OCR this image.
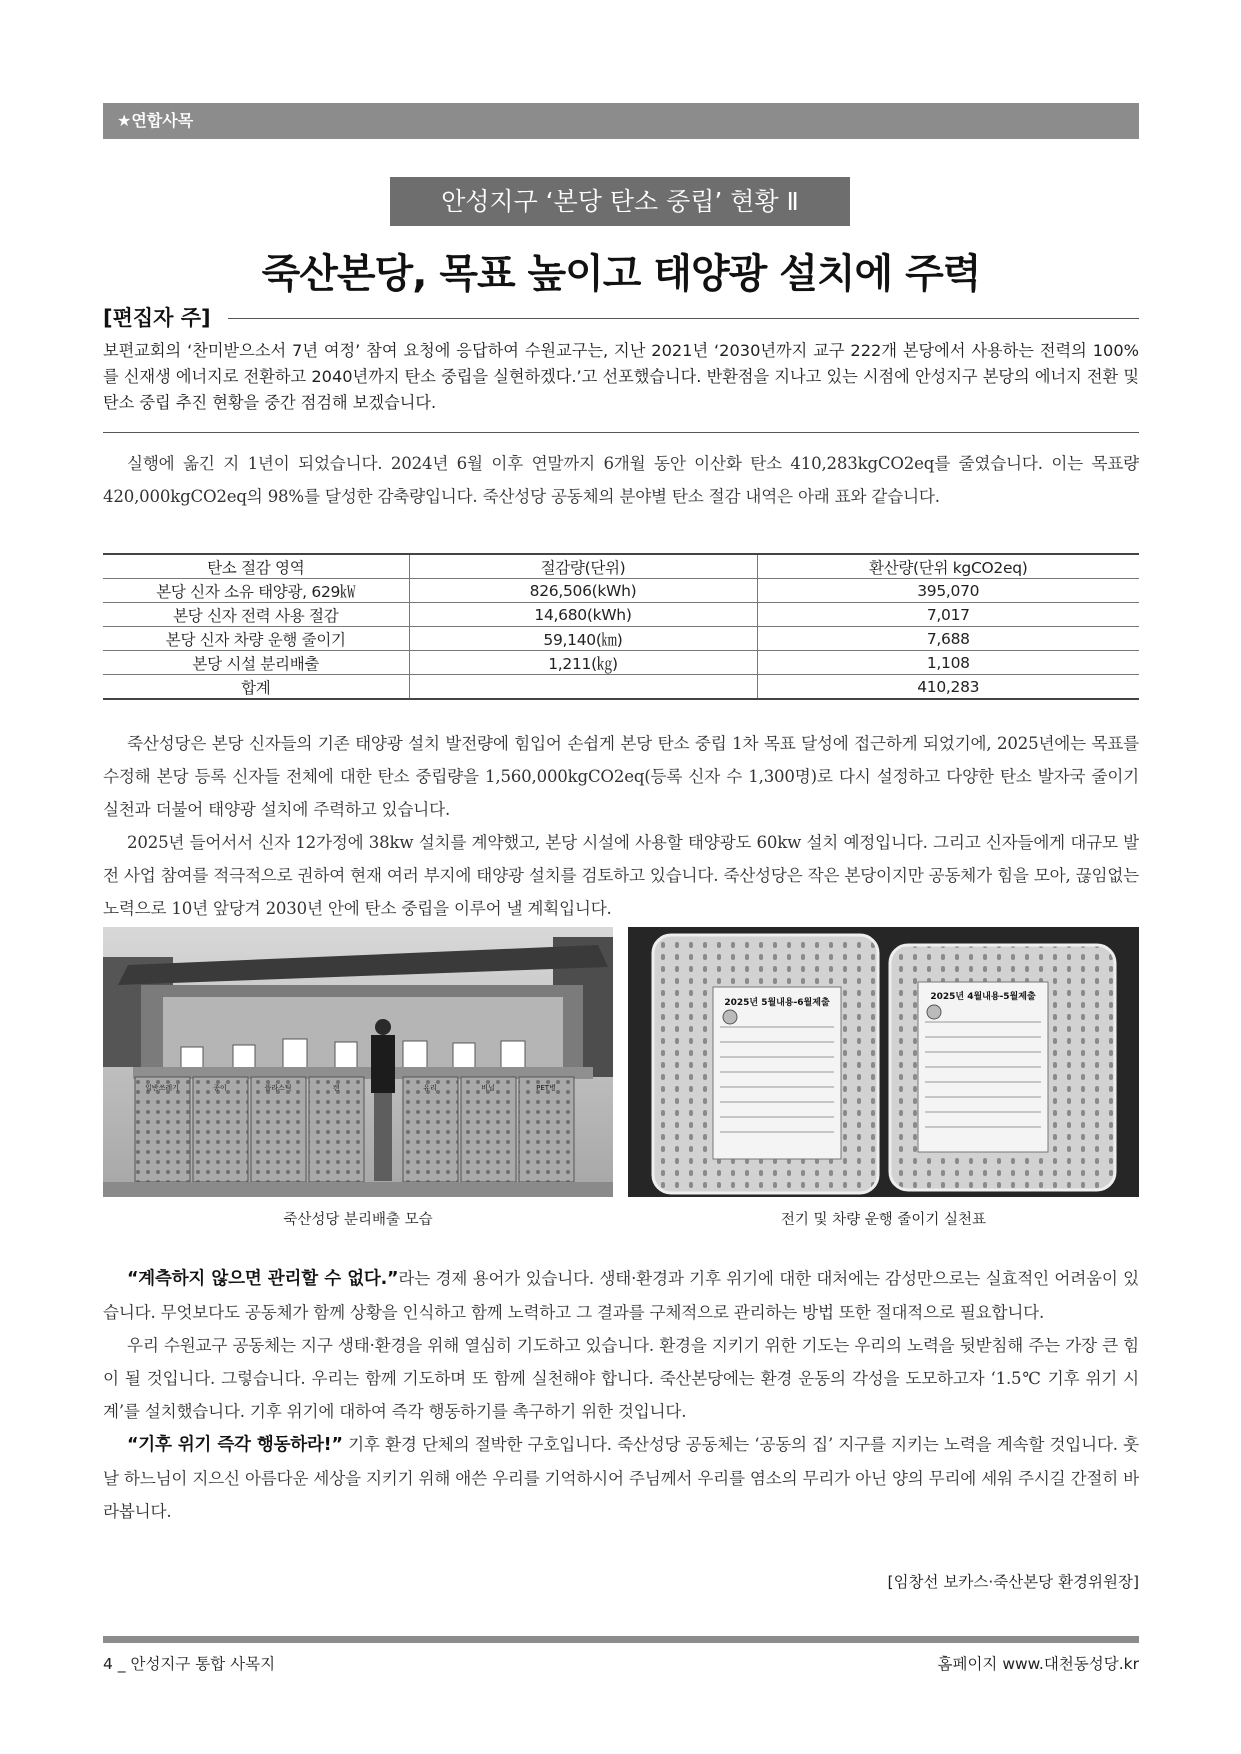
★연합사목
안성지구 ‘본당 탄소 중립’ 현황 Ⅱ
죽산본당, 목표 높이고 태양광 설치에 주력
[편집자 주]
보편교회의 ‘찬미받으소서 7년 여정’ 참여 요청에 응답하여 수원교구는, 지난 2021년 ‘2030년까지 교구 222개 본당에서 사용하는 전력의 100%를 신재생 에너지로 전환하고 2040년까지 탄소 중립을 실현하겠다.’고 선포했습니다. 반환점을 지나고 있는 시점에 안성지구 본당의 에너지 전환 및 탄소 중립 추진 현황을 중간 점검해 보겠습니다.
실행에 옮긴 지 1년이 되었습니다. 2024년 6월 이후 연말까지 6개월 동안 이산화 탄소 410,283kgCO2eq를 줄였습니다. 이는 목표량 420,000kgCO2eq의 98%를 달성한 감축량입니다. 죽산성당 공동체의 분야별 탄소 절감 내역은 아래 표와 같습니다.
탄소 절감 영역	절감량(단위)	환산량(단위 kgCO2eq)
본당 신자 소유 태양광, 629㎾	826,506(kWh)	395,070
본당 신자 전력 사용 절감	14,680(kWh)	7,017
본당 신자 차량 운행 줄이기	59,140(㎞)	7,688
본당 시설 분리배출	1,211(㎏)	1,108
합계		410,283
죽산성당은 본당 신자들의 기존 태양광 설치 발전량에 힘입어 손쉽게 본당 탄소 중립 1차 목표 달성에 접근하게 되었기에, 2025년에는 목표를 수정해 본당 등록 신자들 전체에 대한 탄소 중립량을 1,560,000kgCO2eq(등록 신자 수 1,300명)로 다시 설정하고 다양한 탄소 발자국 줄이기 실천과 더불어 태양광 설치에 주력하고 있습니다.
2025년 들어서서 신자 12가정에 38kw 설치를 계약했고, 본당 시설에 사용할 태양광도 60kw 설치 예정입니다. 그리고 신자들에게 대규모 발전 사업 참여를 적극적으로 권하여 현재 여러 부지에 태양광 설치를 검토하고 있습니다. 죽산성당은 작은 본당이지만 공동체가 힘을 모아, 끊임없는 노력으로 10년 앞당겨 2030년 안에 탄소 중립을 이루어 낼 계획입니다.
일반쓰레기	종이	플라스틱	캔	유리	비닐	PET병
2025년 5월내용-6월제출
2025년 4월내용-5월제출
죽산성당 분리배출 모습	전기 및 차량 운행 줄이기 실천표
“계측하지 않으면 관리할 수 없다.”라는 경제 용어가 있습니다. 생태·환경과 기후 위기에 대한 대처에는 감성만으로는 실효적인 어려움이 있습니다. 무엇보다도 공동체가 함께 상황을 인식하고 함께 노력하고 그 결과를 구체적으로 관리하는 방법 또한 절대적으로 필요합니다.
우리 수원교구 공동체는 지구 생태·환경을 위해 열심히 기도하고 있습니다. 환경을 지키기 위한 기도는 우리의 노력을 뒷받침해 주는 가장 큰 힘이 될 것입니다. 그렇습니다. 우리는 함께 기도하며 또 함께 실천해야 합니다. 죽산본당에는 환경 운동의 각성을 도모하고자 ‘1.5℃ 기후 위기 시계’를 설치했습니다. 기후 위기에 대하여 즉각 행동하기를 촉구하기 위한 것입니다.
“기후 위기 즉각 행동하라!” 기후 환경 단체의 절박한 구호입니다. 죽산성당 공동체는 ‘공동의 집’ 지구를 지키는 노력을 계속할 것입니다. 훗날 하느님이 지으신 아름다운 세상을 지키기 위해 애쓴 우리를 기억하시어 주님께서 우리를 염소의 무리가 아닌 양의 무리에 세워 주시길 간절히 바라봅니다.
[임창선 보카스·죽산본당 환경위원장]
4 _ 안성지구 통합 사목지	홈페이지 www.대천동성당.kr
